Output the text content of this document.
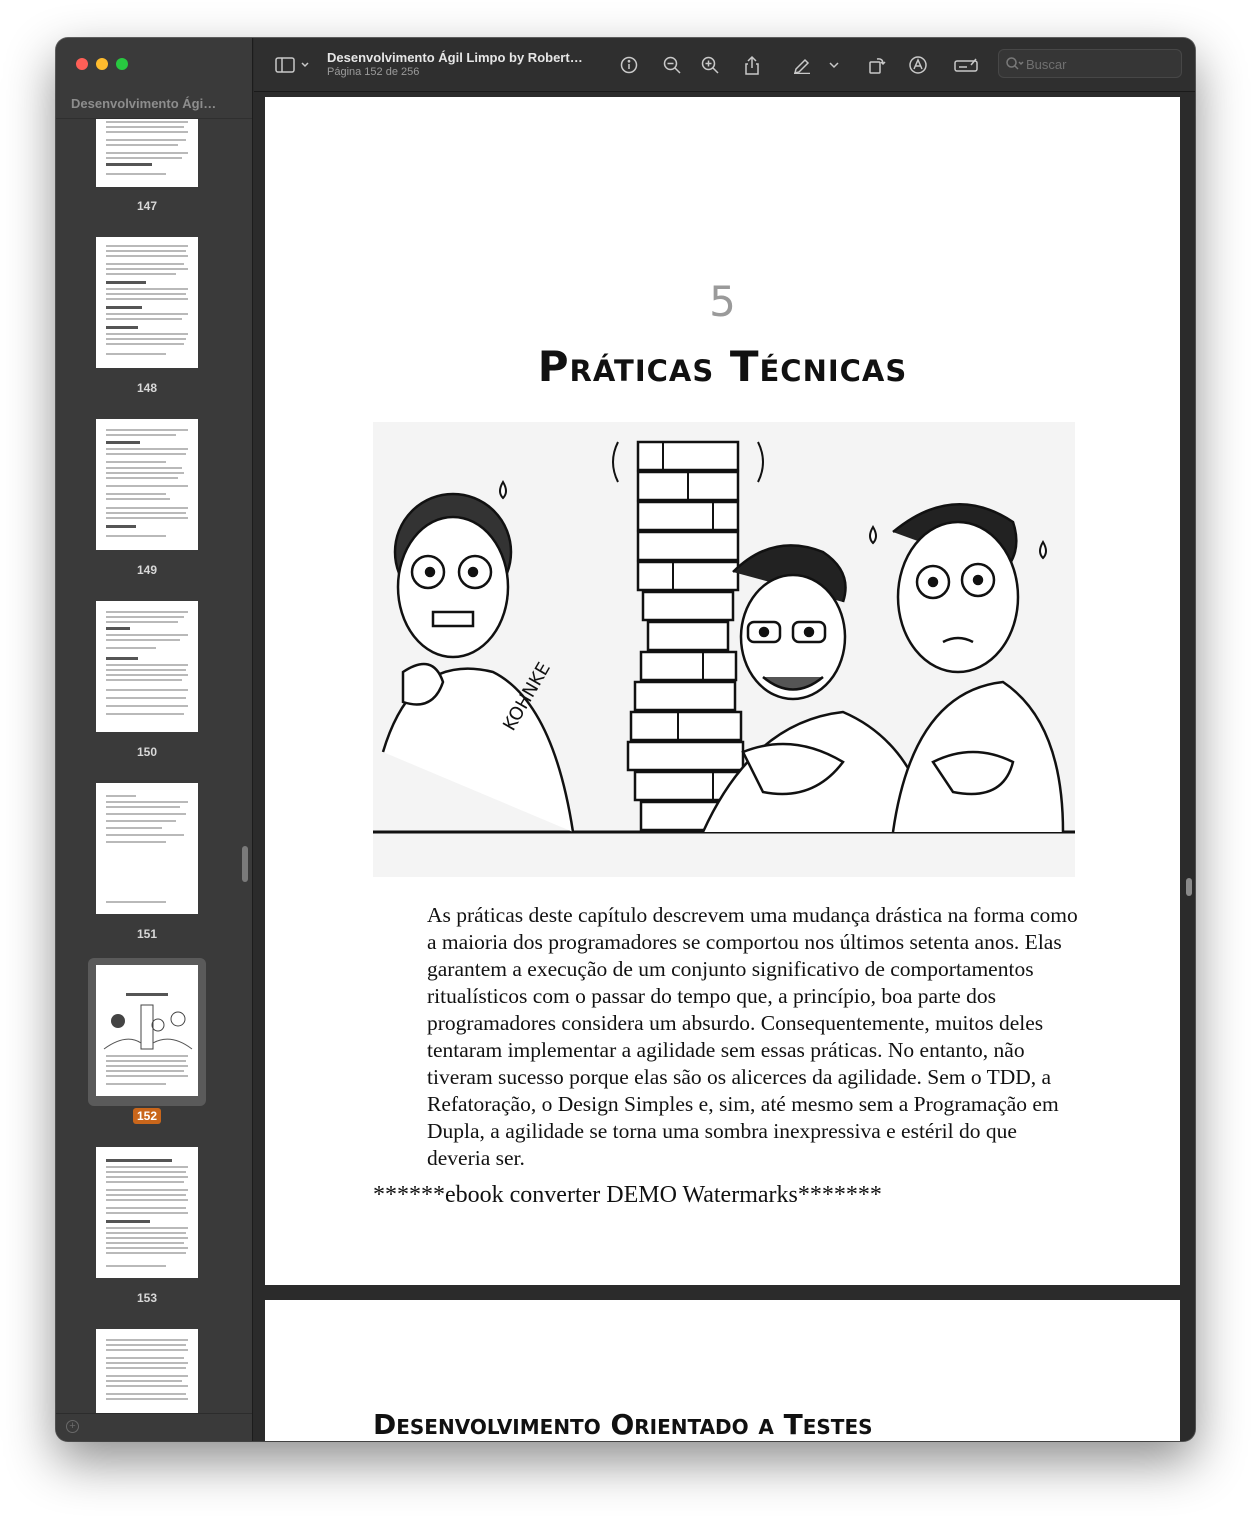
Desenvolvimento Ági…
147
148
149
150
151
152
153
+
Desenvolvimento Ágil Limpo by Robert…
Página 152 de 256	Buscar
5
Práticas Técnicas
KOHNKE
As práticas deste capítulo descrevem uma mudança drástica na forma como a maioria dos programadores se comportou nos últimos setenta anos. Elas garantem a execução de um conjunto significativo de comportamentos ritualísticos com o passar do tempo que, a princípio, boa parte dos programadores considera um absurdo. Consequentemente, muitos deles tentaram implementar a agilidade sem essas práticas. No entanto, não tiveram sucesso porque elas são os alicerces da agilidade. Sem o TDD, a Refatoração, o Design Simples e, sim, até mesmo sem a Programação em Dupla, a agilidade se torna uma sombra inexpressiva e estéril do que deveria ser.
******ebook converter DEMO Watermarks*******
Desenvolvimento Orientado a Testes
